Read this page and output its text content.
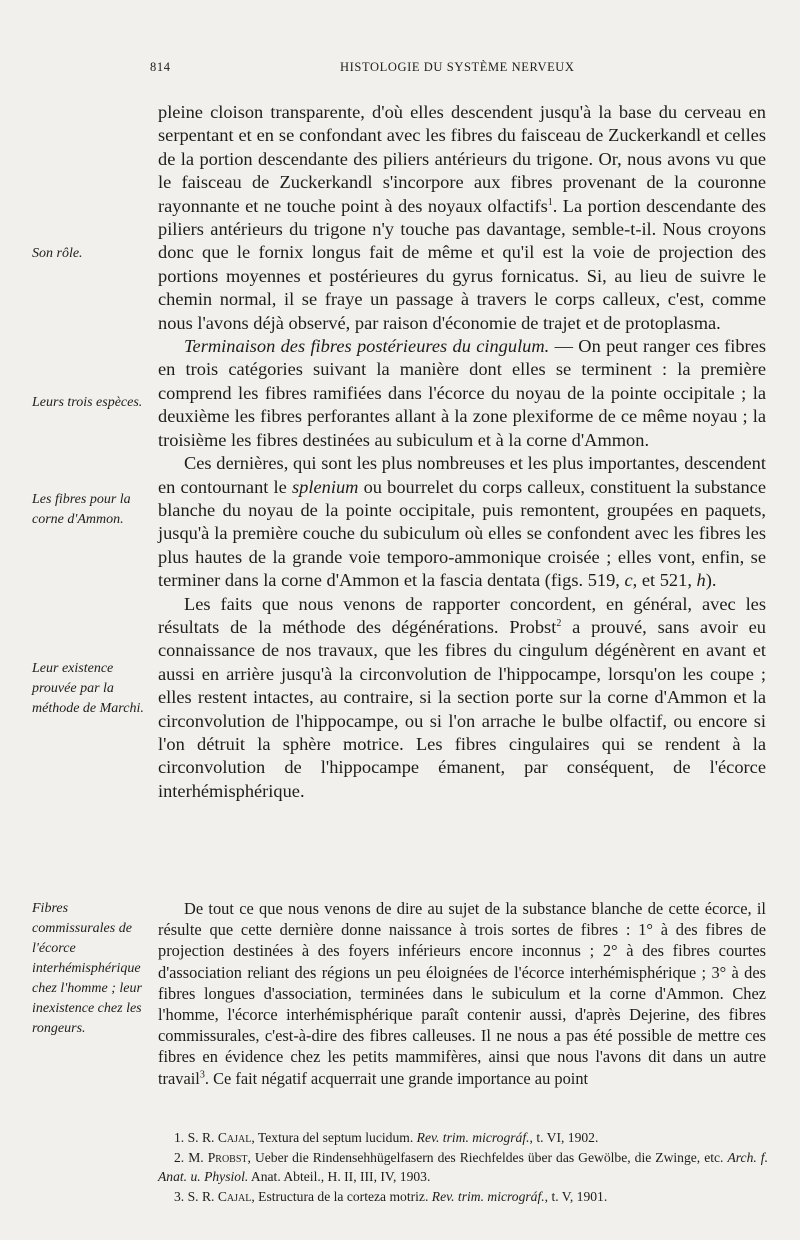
814	HISTOLOGIE DU SYSTÈME NERVEUX
Son rôle.
Leurs trois espèces.
Les fibres pour la corne d'Ammon.
Leur existence prouvée par la méthode de Marchi.
Fibres commissurales de l'écorce interhémisphérique chez l'homme ; leur inexistence chez les rongeurs.

pleine cloison transparente, d'où elles descendent jusqu'à la base du cerveau en serpentant et en se confondant avec les fibres du faisceau de Zuckerkandl et celles de la portion descendante des piliers antérieurs du trigone. Or, nous avons vu que le faisceau de Zuckerkandl s'incorpore aux fibres provenant de la couronne rayonnante et ne touche point à des noyaux olfactifs$^1$. La portion descendante des piliers antérieurs du trigone n'y touche pas davantage, semble-t-il. Nous croyons donc que le fornix longus fait de même et qu'il est la voie de projection des portions moyennes et postérieures du gyrus fornicatus. Si, au lieu de suivre le chemin normal, il se fraye un passage à travers le corps calleux, c'est, comme nous l'avons déjà observé, par raison d'économie de trajet et de protoplasma.

Terminaison des fibres postérieures du cingulum. — On peut ranger ces fibres en trois catégories suivant la manière dont elles se terminent : la première comprend les fibres ramifiées dans l'écorce du noyau de la pointe occipitale ; la deuxième les fibres perforantes allant à la zone plexiforme de ce même noyau ; la troisième les fibres destinées au subiculum et à la corne d'Ammon.

Ces dernières, qui sont les plus nombreuses et les plus importantes, descendent en contournant le splenium ou bourrelet du corps calleux, constituent la substance blanche du noyau de la pointe occipitale, puis remontent, groupées en paquets, jusqu'à la première couche du subiculum où elles se confondent avec les fibres les plus hautes de la grande voie temporo-ammonique croisée ; elles vont, enfin, se terminer dans la corne d'Ammon et la fascia dentata (figs. 519, c, et 521, h).

Les faits que nous venons de rapporter concordent, en général, avec les résultats de la méthode des dégénérations. Probst$^2$ a prouvé, sans avoir eu connaissance de nos travaux, que les fibres du cingulum dégénèrent en avant et aussi en arrière jusqu'à la circonvolution de l'hippocampe, lorsqu'on les coupe ; elles restent intactes, au contraire, si la section porte sur la corne d'Ammon et la circonvolution de l'hippocampe, ou si l'on arrache le bulbe olfactif, ou encore si l'on détruit la sphère motrice. Les fibres cingulaires qui se rendent à la circonvolution de l'hippocampe émanent, par conséquent, de l'écorce interhémisphérique.

De tout ce que nous venons de dire au sujet de la substance blanche de cette écorce, il résulte que cette dernière donne naissance à trois sortes de fibres : 1° à des fibres de projection destinées à des foyers inférieurs encore inconnus ; 2° à des fibres courtes d'association reliant des régions un peu éloignées de l'écorce interhémisphérique ; 3° à des fibres longues d'association, terminées dans le subiculum et la corne d'Ammon. Chez l'homme, l'écorce interhémisphérique paraît contenir aussi, d'après Dejerine, des fibres commissurales, c'est-à-dire des fibres calleuses. Il ne nous a pas été possible de mettre ces fibres en évidence chez les petits mammifères, ainsi que nous l'avons dit dans un autre travail$^3$. Ce fait négatif acquerrait une grande importance au point

1. S. R. Cajal, Textura del septum lucidum. Rev. trim. micrográf., t. VI, 1902.

2. M. Probst, Ueber die Rindensehhügelfasern des Riechfeldes über das Gewölbe, die Zwinge, etc. Arch. f. Anat. u. Physiol. Anat. Abteil., H. II, III, IV, 1903.

3. S. R. Cajal, Estructura de la corteza motriz. Rev. trim. micrográf., t. V, 1901.
